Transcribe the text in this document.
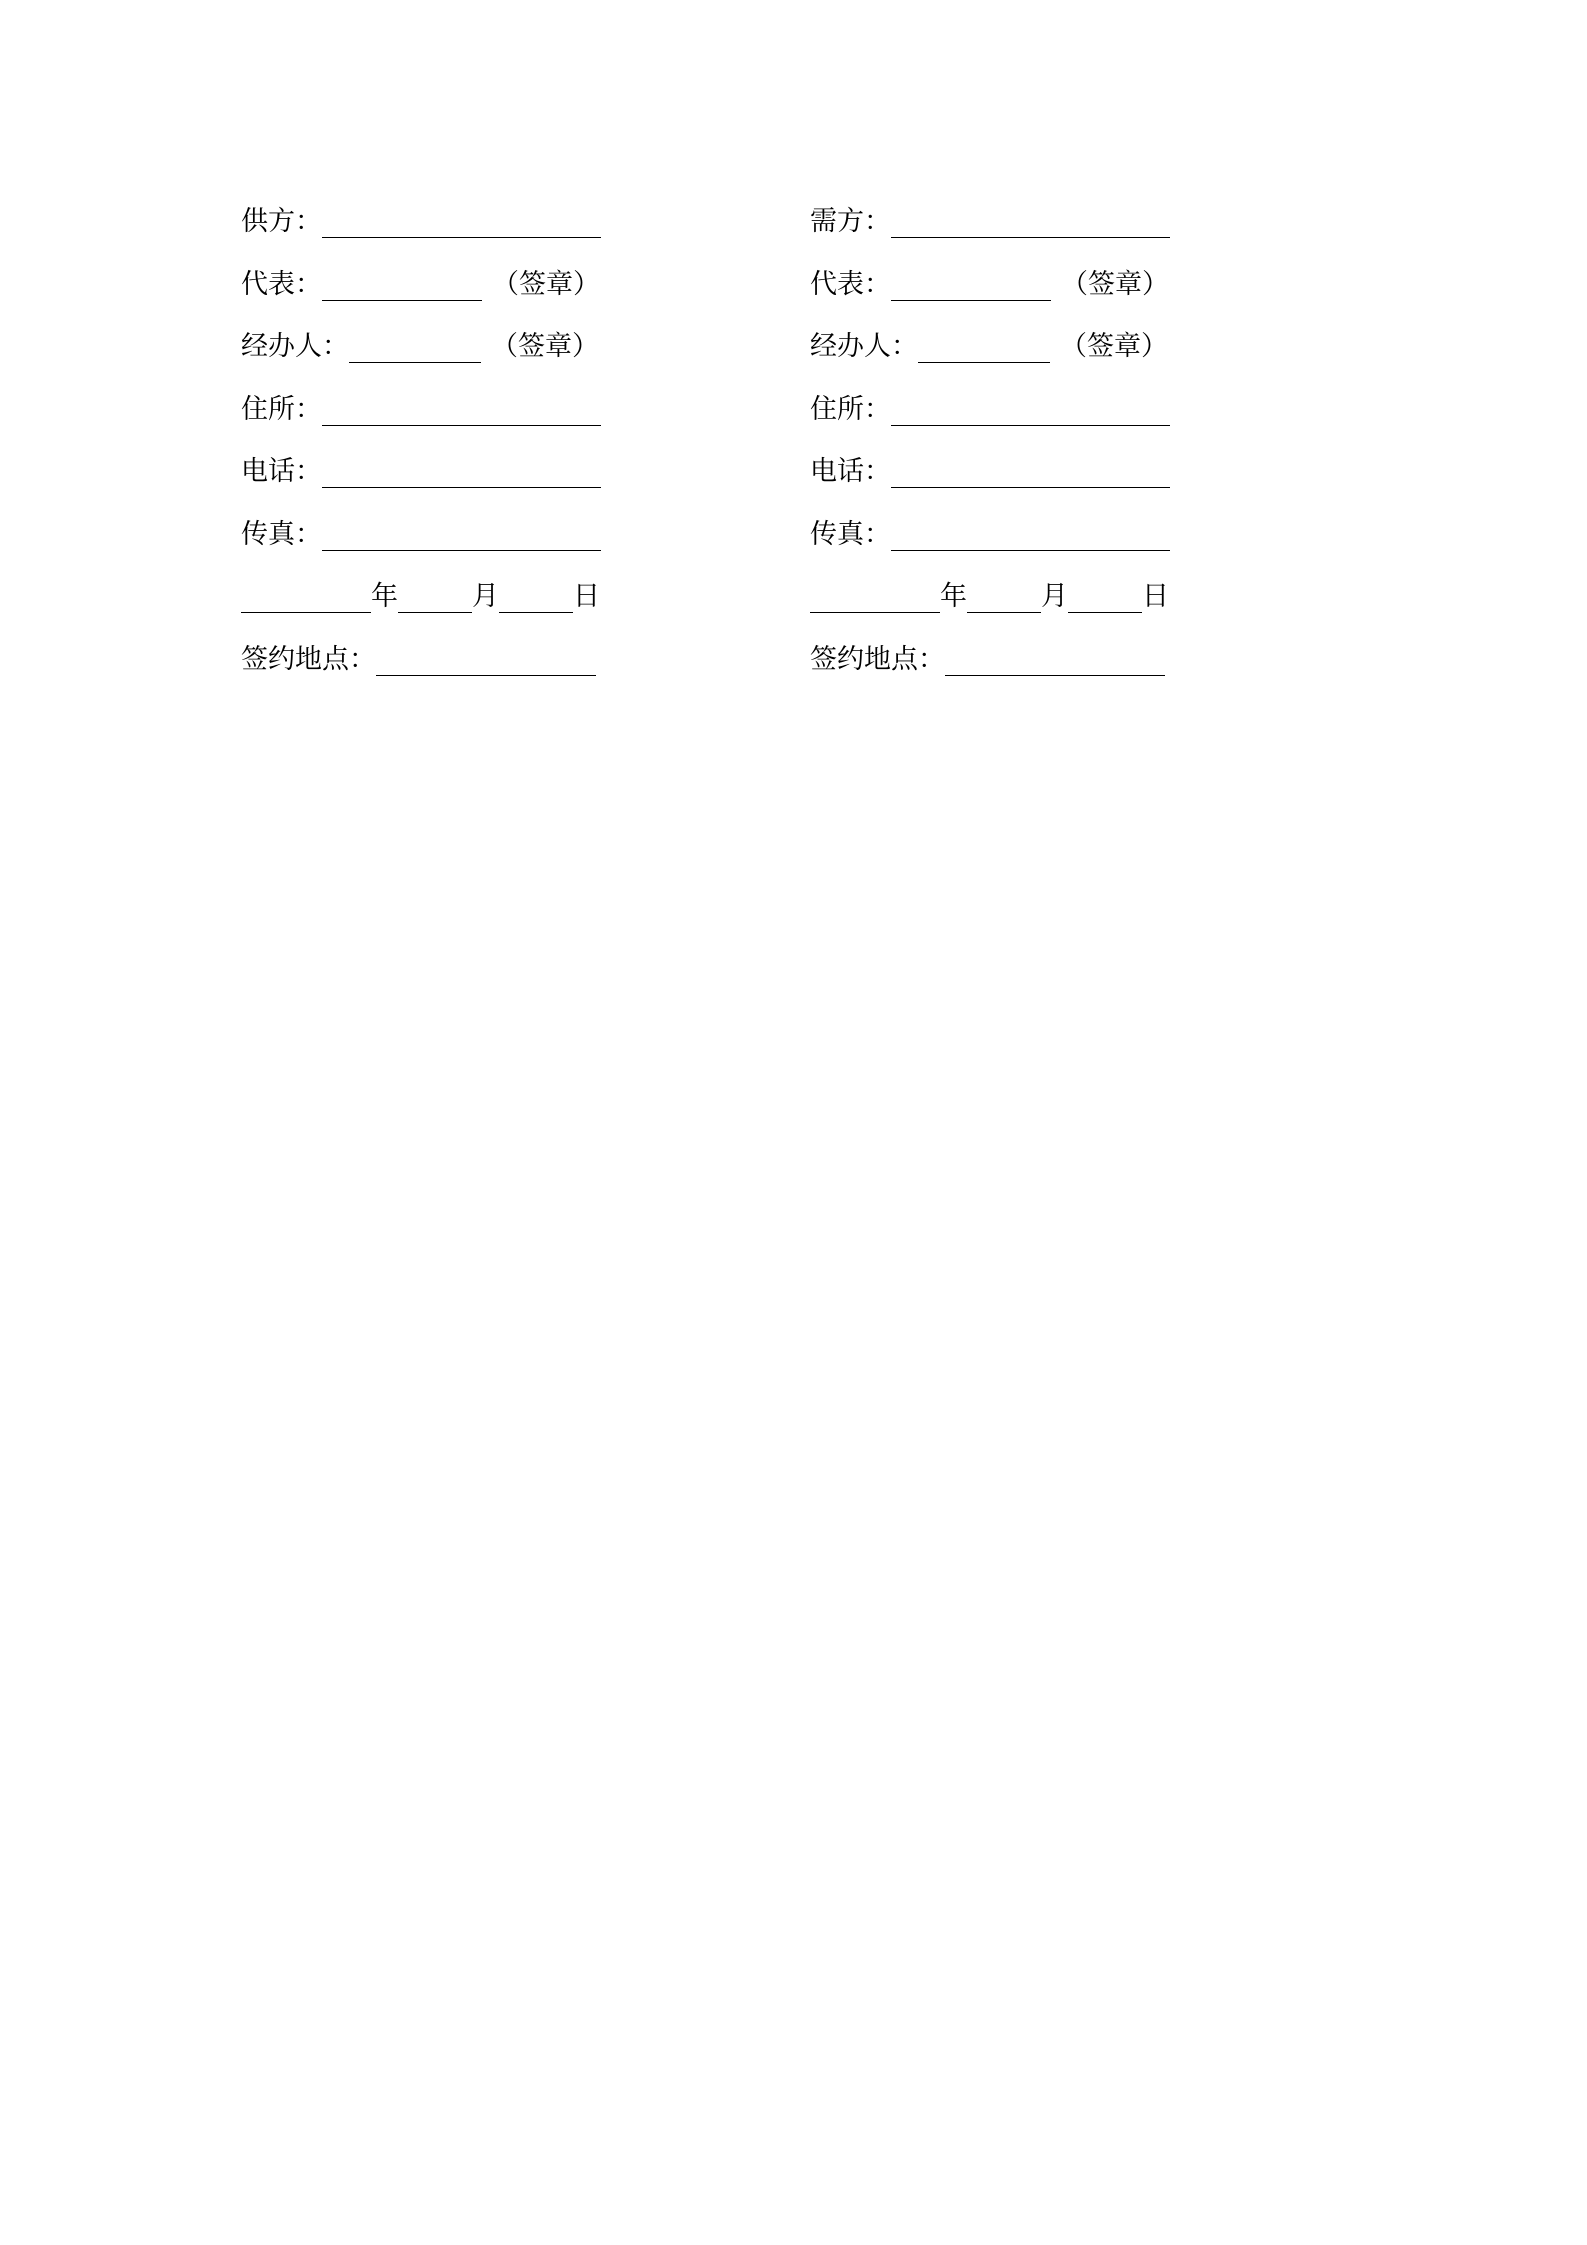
供方：
代表：	（签章）
经办人：	（签章）
住所：
电话：
传真：
年	月	日
签约地点：
需方：
代表：	（签章）
经办人：	（签章）
住所：
电话：
传真：
年	月	日
签约地点：
